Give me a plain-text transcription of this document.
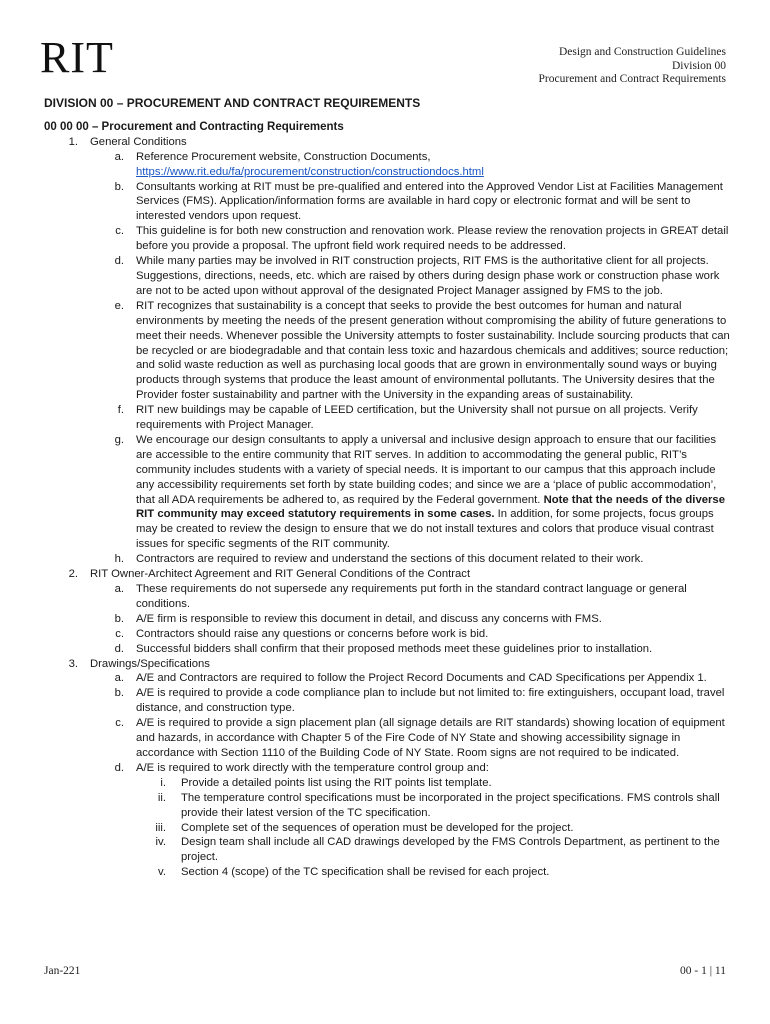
RIT	Design and Construction Guidelines
Division 00
Procurement and Contract Requirements
DIVISION 00 – PROCUREMENT AND CONTRACT REQUIREMENTS
00 00 00 – Procurement and Contracting Requirements
1. General Conditions
a. Reference Procurement website, Construction Documents,
https://www.rit.edu/fa/procurement/construction/constructiondocs.html
b. Consultants working at RIT must be pre-qualified and entered into the Approved Vendor List at Facilities Management Services (FMS). Application/information forms are available in hard copy or electronic format and will be sent to interested vendors upon request.
c. This guideline is for both new construction and renovation work. Please review the renovation projects in GREAT detail before you provide a proposal. The upfront field work required needs to be addressed.
d. While many parties may be involved in RIT construction projects, RIT FMS is the authoritative client for all projects. Suggestions, directions, needs, etc. which are raised by others during design phase work or construction phase work are not to be acted upon without approval of the designated Project Manager assigned by FMS to the job.
e. RIT recognizes that sustainability is a concept that seeks to provide the best outcomes for human and natural environments by meeting the needs of the present generation without compromising the ability of future generations to meet their needs. Whenever possible the University attempts to foster sustainability. Include sourcing products that can be recycled or are biodegradable and that contain less toxic and hazardous chemicals and additives; source reduction; and solid waste reduction as well as purchasing local goods that are grown in environmentally sound ways or buying products through systems that produce the least amount of environmental pollutants. The University desires that the Provider foster sustainability and partner with the University in the expanding areas of sustainability.
f. RIT new buildings may be capable of LEED certification, but the University shall not pursue on all projects. Verify requirements with Project Manager.
g. We encourage our design consultants to apply a universal and inclusive design approach to ensure that our facilities are accessible to the entire community that RIT serves. In addition to accommodating the general public, RIT’s community includes students with a variety of special needs. It is important to our campus that this approach include any accessibility requirements set forth by state building codes; and since we are a ‘place of public accommodation’, that all ADA requirements be adhered to, as required by the Federal government. Note that the needs of the diverse RIT community may exceed statutory requirements in some cases. In addition, for some projects, focus groups may be created to review the design to ensure that we do not install textures and colors that produce visual contrast issues for specific segments of the RIT community.
h. Contractors are required to review and understand the sections of this document related to their work.
2. RIT Owner-Architect Agreement and RIT General Conditions of the Contract
a. These requirements do not supersede any requirements put forth in the standard contract language or general conditions.
b. A/E firm is responsible to review this document in detail, and discuss any concerns with FMS.
c. Contractors should raise any questions or concerns before work is bid.
d. Successful bidders shall confirm that their proposed methods meet these guidelines prior to installation.
3. Drawings/Specifications
a. A/E and Contractors are required to follow the Project Record Documents and CAD Specifications per Appendix 1.
b. A/E is required to provide a code compliance plan to include but not limited to: fire extinguishers, occupant load, travel distance, and construction type.
c. A/E is required to provide a sign placement plan (all signage details are RIT standards) showing location of equipment and hazards, in accordance with Chapter 5 of the Fire Code of NY State and showing accessibility signage in accordance with Section 1110 of the Building Code of NY State. Room signs are not required to be indicated.
d. A/E is required to work directly with the temperature control group and:
i. Provide a detailed points list using the RIT points list template.
ii. The temperature control specifications must be incorporated in the project specifications. FMS controls shall provide their latest version of the TC specification.
iii. Complete set of the sequences of operation must be developed for the project.
iv. Design team shall include all CAD drawings developed by the FMS Controls Department, as pertinent to the project.
v. Section 4 (scope) of the TC specification shall be revised for each project.
Jan-221	00 - 1 | 11
